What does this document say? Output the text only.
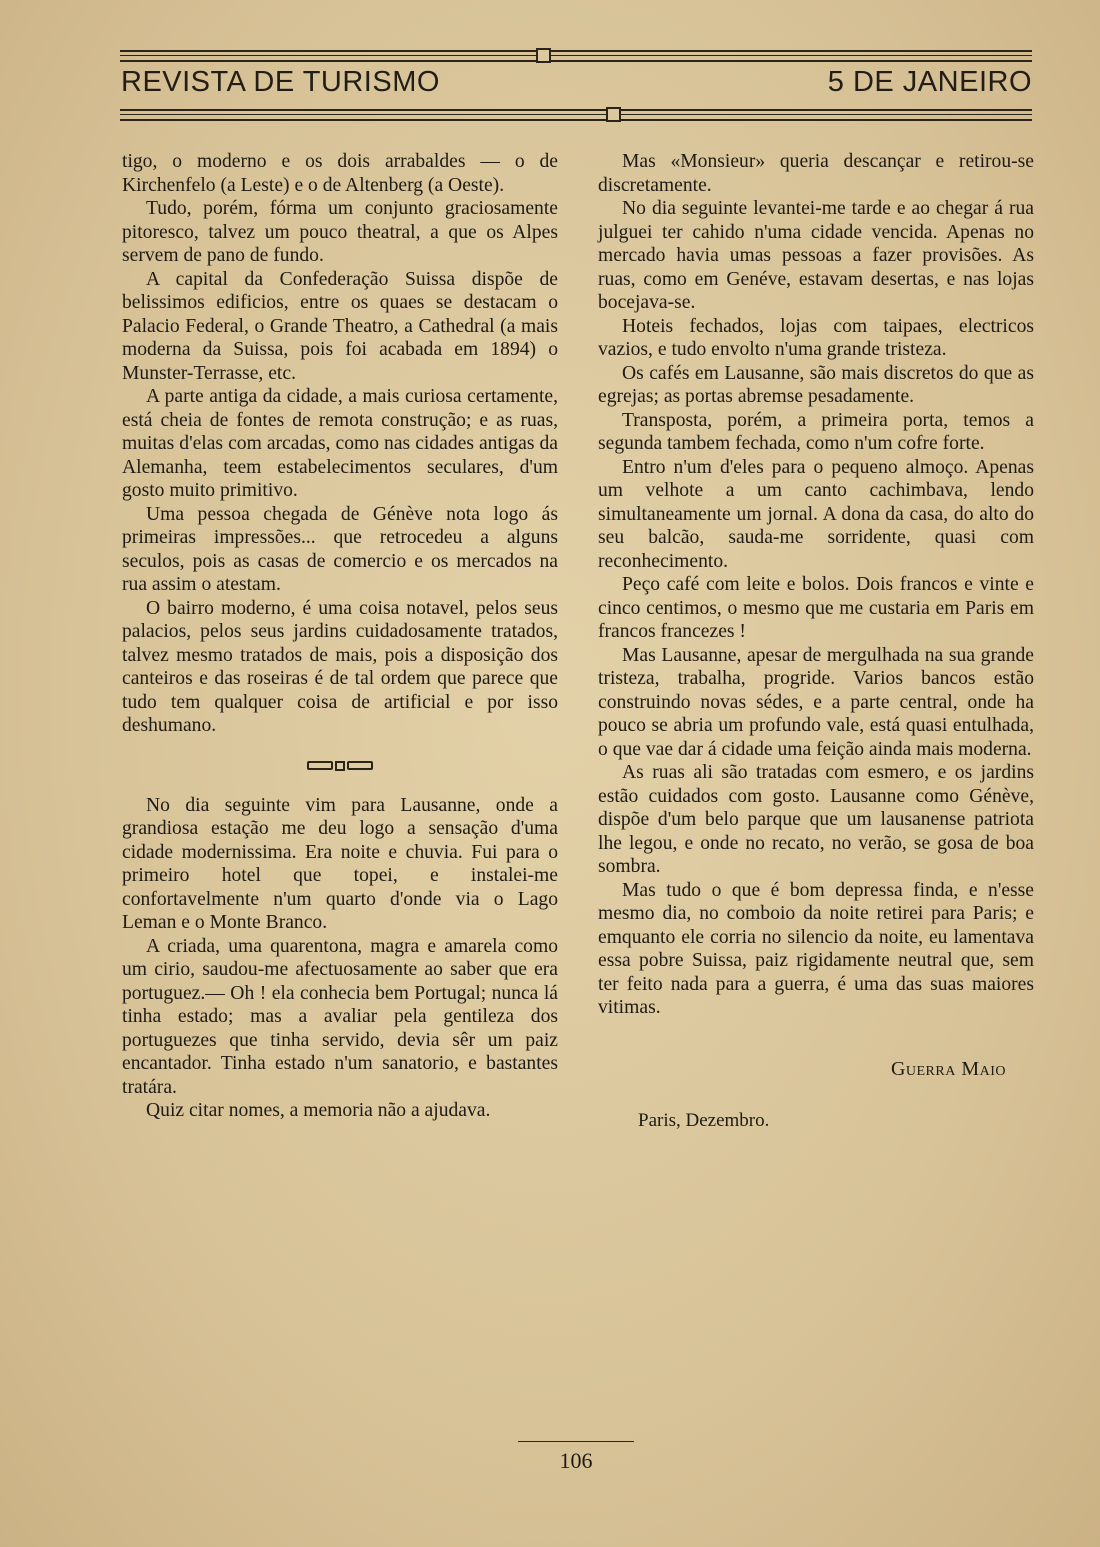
REVISTA DE TURISMO	5 DE JANEIRO

tigo, o moderno e os dois arrabaldes — o de Kirchenfelo (a Leste) e o de Altenberg (a Oeste).

Tudo, porém, fórma um conjunto graciosamente pitoresco, talvez um pouco theatral, a que os Alpes servem de pano de fundo.

A capital da Confederação Suissa dispõe de belissimos edificios, entre os quaes se destacam o Palacio Federal, o Grande Theatro, a Cathedral (a mais moderna da Suissa, pois foi acabada em 1894) o Munster-Terrasse, etc.

A parte antiga da cidade, a mais curiosa certamente, está cheia de fontes de remota construção; e as ruas, muitas d'elas com arcadas, como nas cidades antigas da Alemanha, teem estabelecimentos seculares, d'um gosto muito primitivo.

Uma pessoa chegada de Génève nota logo ás primeiras impressões... que retrocedeu a alguns seculos, pois as casas de comercio e os mercados na rua assim o atestam.

O bairro moderno, é uma coisa notavel, pelos seus palacios, pelos seus jardins cuidadosamente tratados, talvez mesmo tratados de mais, pois a disposição dos canteiros e das roseiras é de tal ordem que parece que tudo tem qualquer coisa de artificial e por isso deshumano.

No dia seguinte vim para Lausanne, onde a grandiosa estação me deu logo a sensação d'uma cidade modernissima. Era noite e chuvia. Fui para o primeiro hotel que topei, e instalei-me confortavelmente n'um quarto d'onde via o Lago Leman e o Monte Branco.

A criada, uma quarentona, magra e amarela como um cirio, saudou-me afectuosamente ao saber que era portuguez.— Oh ! ela conhecia bem Portugal; nunca lá tinha estado; mas a avaliar pela gentileza dos portuguezes que tinha servido, devia sêr um paiz encantador. Tinha estado n'um sanatorio, e bastantes tratára.

Quiz citar nomes, a memoria não a ajudava.

Mas «Monsieur» queria descançar e retirou-se discretamente.

No dia seguinte levantei-me tarde e ao chegar á rua julguei ter cahido n'uma cidade vencida. Apenas no mercado havia umas pessoas a fazer provisões. As ruas, como em Genéve, estavam desertas, e nas lojas bocejava-se.

Hoteis fechados, lojas com taipaes, electricos vazios, e tudo envolto n'uma grande tristeza.

Os cafés em Lausanne, são mais discretos do que as egrejas; as portas abremse pesadamente.

Transposta, porém, a primeira porta, temos a segunda tambem fechada, como n'um cofre forte.

Entro n'um d'eles para o pequeno almoço. Apenas um velhote a um canto cachimbava, lendo simultaneamente um jornal. A dona da casa, do alto do seu balcão, sauda-me sorridente, quasi com reconhecimento.

Peço café com leite e bolos. Dois francos e vinte e cinco centimos, o mesmo que me custaria em Paris em francos francezes !

Mas Lausanne, apesar de mergulhada na sua grande tristeza, trabalha, progride. Varios bancos estão construindo novas sédes, e a parte central, onde ha pouco se abria um profundo vale, está quasi entulhada, o que vae dar á cidade uma feição ainda mais moderna.

As ruas ali são tratadas com esmero, e os jardins estão cuidados com gosto. Lausanne como Génève, dispõe d'um belo parque que um lausanense patriota lhe legou, e onde no recato, no verão, se gosa de boa sombra.

Mas tudo o que é bom depressa finda, e n'esse mesmo dia, no comboio da noite retirei para Paris; e emquanto ele corria no silencio da noite, eu lamentava essa pobre Suissa, paiz rigidamente neutral que, sem ter feito nada para a guerra, é uma das suas maiores vitimas.

Guerra Maio
Paris, Dezembro.
106
